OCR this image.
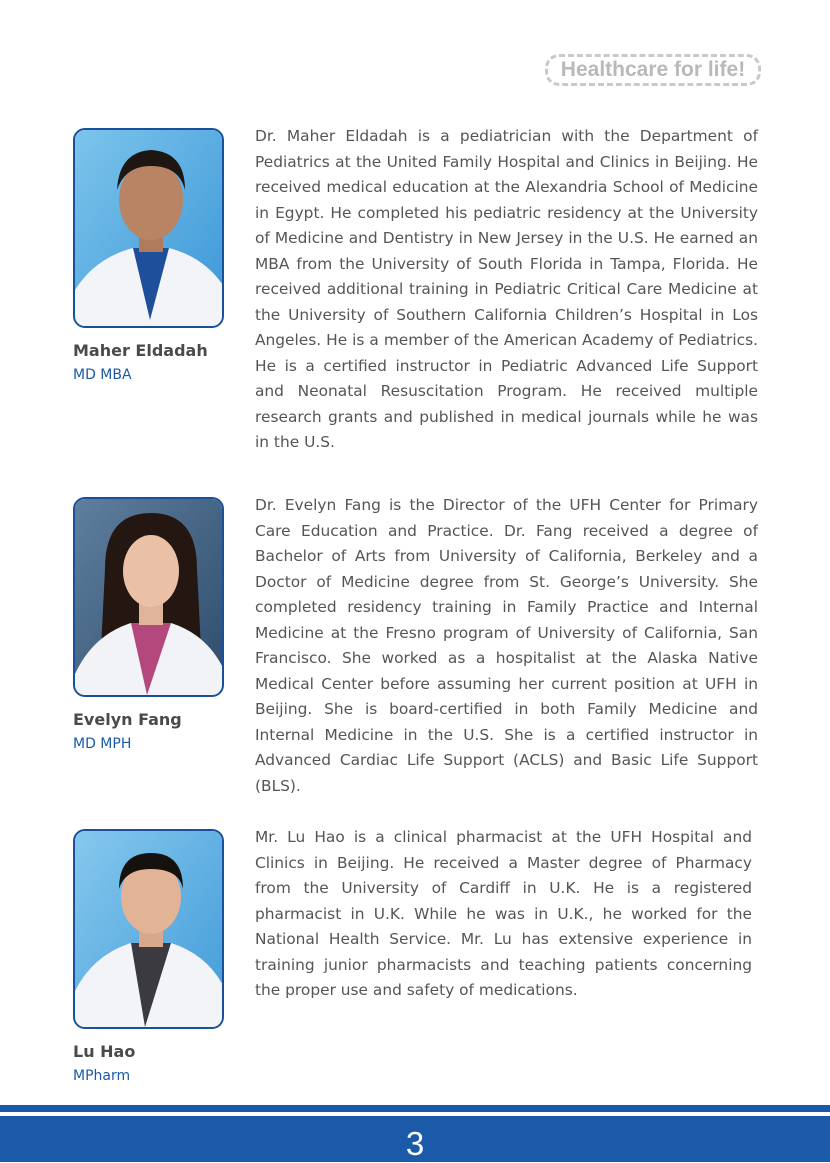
Healthcare for life!
Maher Eldadah
MD MBA

Dr. Maher Eldadah is a pediatrician with the Department of Pediatrics at the United Family Hospital and Clinics in Beijing. He received medical education at the Alexandria School of Medicine in Egypt. He completed his pediatric residency at the University of Medicine and Dentistry in New Jersey in the U.S. He earned an MBA from the University of South Florida in Tampa, Florida. He received additional training in Pediatric Critical Care Medicine at the University of Southern California Children’s Hospital in Los Angeles. He is a member of the American Academy of Pediatrics. He is a certified instructor in Pediatric Advanced Life Support and Neonatal Resuscitation Program. He received multiple research grants and published in medical journals while he was in the U.S.

Evelyn Fang
MD MPH

Dr. Evelyn Fang is the Director of the UFH Center for Primary Care Education and Practice. Dr. Fang received a degree of Bachelor of Arts from University of California, Berkeley and a Doctor of Medicine degree from St. George’s University. She completed residency training in Family Practice and Internal Medicine at the Fresno program of University of California, San Francisco. She worked as a hospitalist at the Alaska Native Medical Center before assuming her current position at UFH in Beijing. She is board-certified in both Family Medicine and Internal Medicine in the U.S. She is a certified instructor in Advanced Cardiac Life Support (ACLS) and Basic Life Support (BLS).

Lu Hao
MPharm

Mr. Lu Hao is a clinical pharmacist at the UFH Hospital and Clinics in Beijing. He received a Master degree of Pharmacy from the University of Cardiff in U.K. He is a registered pharmacist in U.K. While he was in U.K., he worked for the National Health Service. Mr. Lu has extensive experience in training junior pharmacists and teaching patients concerning the proper use and safety of medications.

3
